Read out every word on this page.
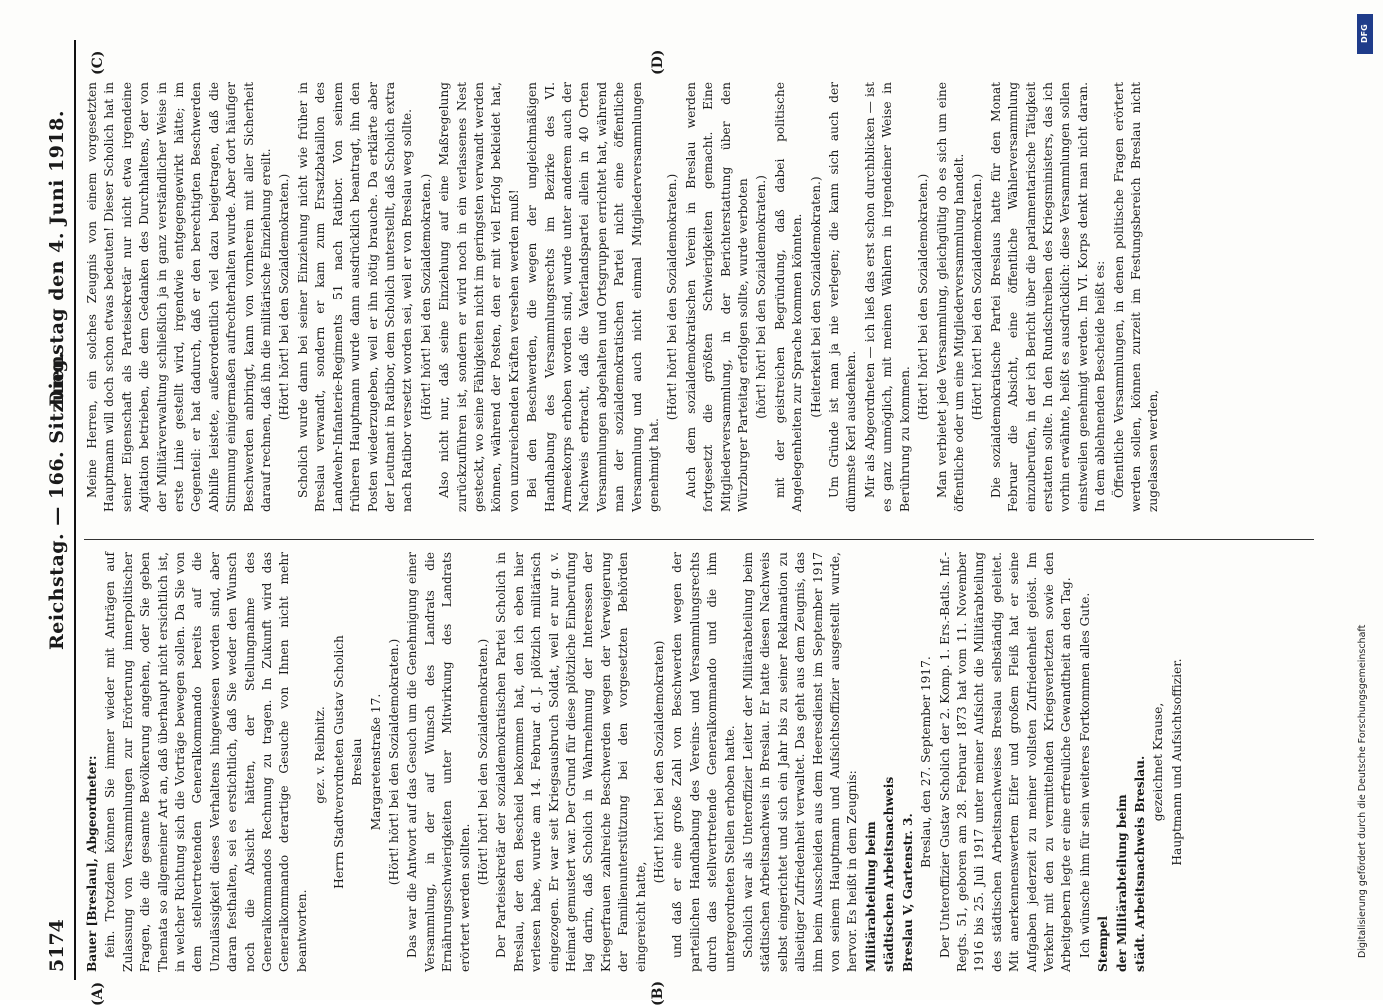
5174
Reichstag. — 166. Sitzung.
Dienstag den 4. Juni 1918.
(A)	(B)
(C)	(D)

Bauer [Breslau], Abgeordneter: fein. Trotzdem können Sie immer wieder mit Anträgen auf Zulassung von Versammlungen zur Erörterung innerpolitischer Fragen, die die gesamte Bevölkerung angehen, oder Sie geben Themata so allgemeiner Art an, daß überhaupt nicht ersichtlich ist, in welcher Richtung sich die Vorträge bewegen sollen. Da Sie von dem stellvertretenden Generalkommando bereits auf die Unzulässigkeit dieses Verhaltens hingewiesen worden sind, aber daran festhalten, sei es erstichtlich, daß Sie weder den Wunsch noch die Absicht hätten, der Stellungnahme des Generalkommandos Rechnung zu tragen. In Zukunft wird das Generalkommando derartige Gesuche von Ihnen nicht mehr beantworten.

gez. v. Reibnitz. Herrn Stadtverordneten Gustav Scholich Breslau Margaretenstraße 17. (Hört! hört! bei den Sozialdemokraten.) Das war die Antwort auf das Gesuch um die Genehmigung einer Versammlung, in der auf Wunsch des Landrats die Ernährungsschwierigkeiten unter Mitwirkung des Landrats erörtert werden sollten.

(Hört! hört! bei den Sozialdemokraten.) Der Parteisekretär der sozialdemokratischen Partei Scholich in Breslau, der den Bescheid bekommen hat, den ich eben hier verlesen habe, wurde am 14. Februar d. J. plötzlich militärisch eingezogen. Er war seit Kriegsausbruch Soldat, weil er nur g. v. Heimat gemustert war. Der Grund für diese plötzliche Einberufung lag darin, daß Scholich in Wahrnehmung der Interessen der Kriegerfrauen zahlreiche Beschwerden wegen der Verweigerung der Familienunterstützung bei den vorgesetzten Behörden eingereicht hatte,

(Hört! hört! bei den Sozialdemokraten) und daß er eine große Zahl von Beschwerden wegen der parteilichen Handhabung des Vereins- und Versammlungsrechts durch das stellvertretende Generalkommando und die ihm untergeordneten Stellen erhoben hatte. Scholich war als Unteroffizier Leiter der Militärabteilung beim städtischen Arbeitsnachweis in Breslau. Er hatte diesen Nachweis selbst eingerichtet und sich ein Jahr bis zu seiner Reklamation zu allseitiger Zufriedenheit verwaltet. Das geht aus dem Zeugnis, das ihm beim Ausscheiden aus dem Heeresdienst im September 1917 von seinem Hauptmann und Aufsichtsoffizier ausgestellt wurde, hervor. Es heißt in dem Zeugnis: Militärabteilung beim städtischen Arbeitsnachweis Breslau V, Gartenstr. 3.

Breslau, den 27. September 1917. Der Unteroffizier Gustav Scholich der 2. Komp. 1. Ers.-Batls. Inf.-Regts. 51, geboren am 28. Februar 1873 hat vom 11. November 1916 bis 25. Juli 1917 unter meiner Aufsicht die Militärabteilung des städtischen Arbeitsnachweises Breslau selbständig geleitet. Mit anerkennenswertem Eifer und großem Fleiß hat er seine Aufgaben jederzeit zu meiner vollsten Zufriedenheit gelöst. Im Verkehr mit den zu vermittelnden Kriegsverletzten sowie den Arbeitgebern legte er eine erfreuliche Gewandtheit an den Tag. Ich wünsche ihm für sein weiteres Fortkommen alles Gute. Stempel der Militärabteilung beim städt. Arbeitsnachweis Breslau. gezeichnet Krause, Hauptmann und Aufsichtsoffizier.

Meine Herren, ein solches Zeugnis von einem vorgesetzten Hauptmann will doch schon etwas bedeuten! Dieser Scholich hat in seiner Eigenschaft als Parteisekretär nur nicht etwa irgendeine Agitation betrieben, die dem Gedanken des Durchhaltens, der von der Militärverwaltung schließlich ja in ganz verständlicher Weise in erste Linie gestellt wird, irgendwie entgegengewirkt hätte; im Gegenteil: er hat dadurch, daß er den berechtigten Beschwerden Abhilfe leistete, außerordentlich viel dazu beigetragen, daß die Stimmung einigermaßen aufrechterhalten wurde. Aber dort häufiger Beschwerden anbringt, kann von vornherein mit aller Sicherheit darauf rechnen, daß ihn die militärische Einziehung ereilt. (Hört! hört! bei den Sozialdemokraten.) Scholich wurde dann bei seiner Einziehung nicht wie früher in Breslau verwandt, sondern er kam zum Ersatzbataillon des Landwehr-Infanterie-Regiments 51 nach Ratibor. Von seinem früheren Hauptmann wurde dann ausdrücklich beantragt, ihn den Posten wiederzugeben, weil er ihn nötig brauche. Da erklärte aber der Leutnant in Ratibor, dem Scholich unterstellt, daß Scholich extra nach Ratibor versetzt worden sei, weil er von Breslau weg sollte. (Hört! hört! bei den Sozialdemokraten.) Also nicht nur, daß seine Einziehung auf eine Maßregelung zurückzuführen ist, sondern er wird noch in ein verlassenes Nest gesteckt, wo seine Fähigkeiten nicht im geringsten verwandt werden können, während der Posten, den er mit viel Erfolg bekleidet hat, von unzureichenden Kräften versehen werden muß! Bei den Beschwerden, die wegen der ungleichmäßigen Handhabung des Versammlungsrechts im Bezirke des VI. Armeekorps erhoben worden sind, wurde unter anderem auch der Nachweis erbracht, daß die Vaterlandspartei allein in 40 Orten Versammlungen abgehalten und Ortsgruppen errichtet hat, während man der sozialdemokratischen Partei nicht eine öffentliche Versammlung und auch nicht einmal Mitgliederversammlungen genehmigt hat.

(Hört! hört! bei den Sozialdemokraten.) Auch dem sozialdemokratischen Verein in Breslau werden fortgesetzt die größten Schwierigkeiten gemacht. Eine Mitgliederversammlung, in der Berichterstattung über den Würzburger Parteitag erfolgen sollte, wurde verboten (hört! hört! bei den Sozialdemokraten.) mit der geistreichen Begründung, daß dabei politische Angelegenheiten zur Sprache kommen könnten. (Heiterkeit bei den Sozialdemokraten.) Um Gründe ist man ja nie verlegen; die kann sich auch der dümmste Kerl ausdenken. Mir als Abgeordneten — ich ließ das erst schon durchblicken — ist es ganz unmöglich, mit meinen Wählern in irgendeiner Weise in Berührung zu kommen.

(Hört! hört! bei den Sozialdemokraten.) Man verbietet jede Versammlung, gleichgültig ob es sich um eine öffentliche oder um eine Mitgliederversammlung handelt. (Hört! hört! bei den Sozialdemokraten.) Die sozialdemokratische Partei Breslaus hatte für den Monat Februar die Absicht, eine öffentliche Wählerversammlung einzuberufen, in der ich Bericht über die parlamentarische Tätigkeit erstatten sollte. In den Rundschreiben des Kriegsministers, das ich vorhin erwähnte, heißt es ausdrücklich: diese Versammlungen sollen einstweilen genehmigt werden. Im VI. Korps denkt man nicht daran. In dem ablehnenden Bescheide heißt es: Öffentliche Versammlungen, in denen politische Fragen erörtert werden sollen, können zurzeit im Festungsbereich Breslau nicht zugelassen werden,

DFG
Digitalisierung gefördert durch die Deutsche Forschungsgemeinschaft
